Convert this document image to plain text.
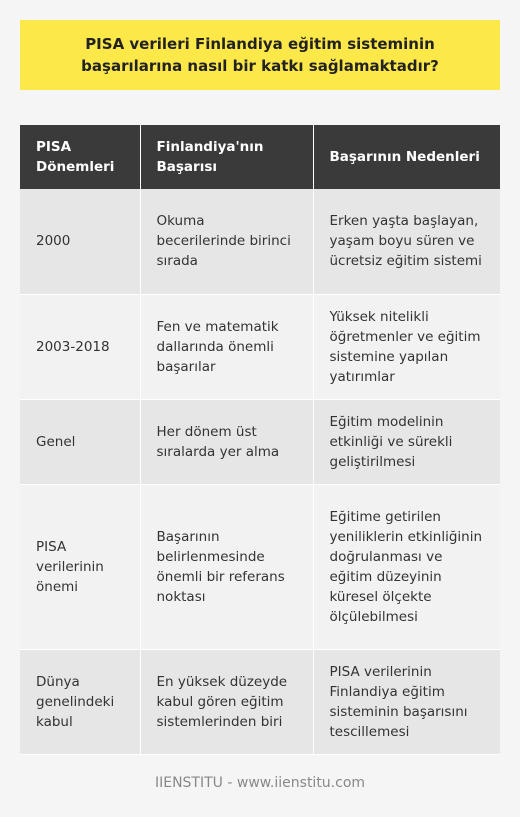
PISA verileri Finlandiya eğitim sisteminin başarılarına nasıl bir katkı sağlamaktadır?
PISA Dönemleri	Finlandiya'nın Başarısı	Başarının Nedenleri
2000	Okuma becerilerinde birinci sırada	Erken yaşta başlayan, yaşam boyu süren ve ücretsiz eğitim sistemi
2003-2018	Fen ve matematik dallarında önemli başarılar	Yüksek nitelikli öğretmenler ve eğitim sistemine yapılan yatırımlar
Genel	Her dönem üst sıralarda yer alma	Eğitim modelinin etkinliği ve sürekli geliştirilmesi
PISA verilerinin önemi	Başarının belirlenmesinde önemli bir referans noktası	Eğitime getirilen yeniliklerin etkinliğinin doğrulanması ve eğitim düzeyinin küresel ölçekte ölçülebilmesi
Dünya genelindeki kabul	En yüksek düzeyde kabul gören eğitim sistemlerinden biri	PISA verilerinin Finlandiya eğitim sisteminin başarısını tescillemesi
IIENSTITU - www.iienstitu.com
